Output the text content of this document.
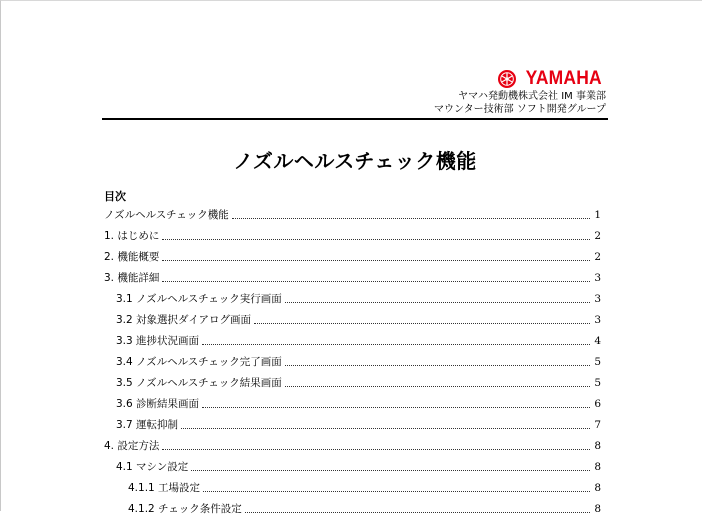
YAMAHA
ヤマハ発動機株式会社 IM 事業部
マウンター技術部 ソフト開発グループ
ノズルヘルスチェック機能
目次
ノズルヘルスチェック機能	1
1. はじめに	2
2. 機能概要	2
3. 機能詳細	3
3.1 ノズルヘルスチェック実行画面	3
3.2 対象選択ダイアログ画面	3
3.3 進捗状況画面	4
3.4 ノズルヘルスチェック完了画面	5
3.5 ノズルヘルスチェック結果画面	5
3.6 診断結果画面	6
3.7 運転抑制	7
4. 設定方法	8
4.1 マシン設定	8
4.1.1 工場設定	8
4.1.2 チェック条件設定	8
